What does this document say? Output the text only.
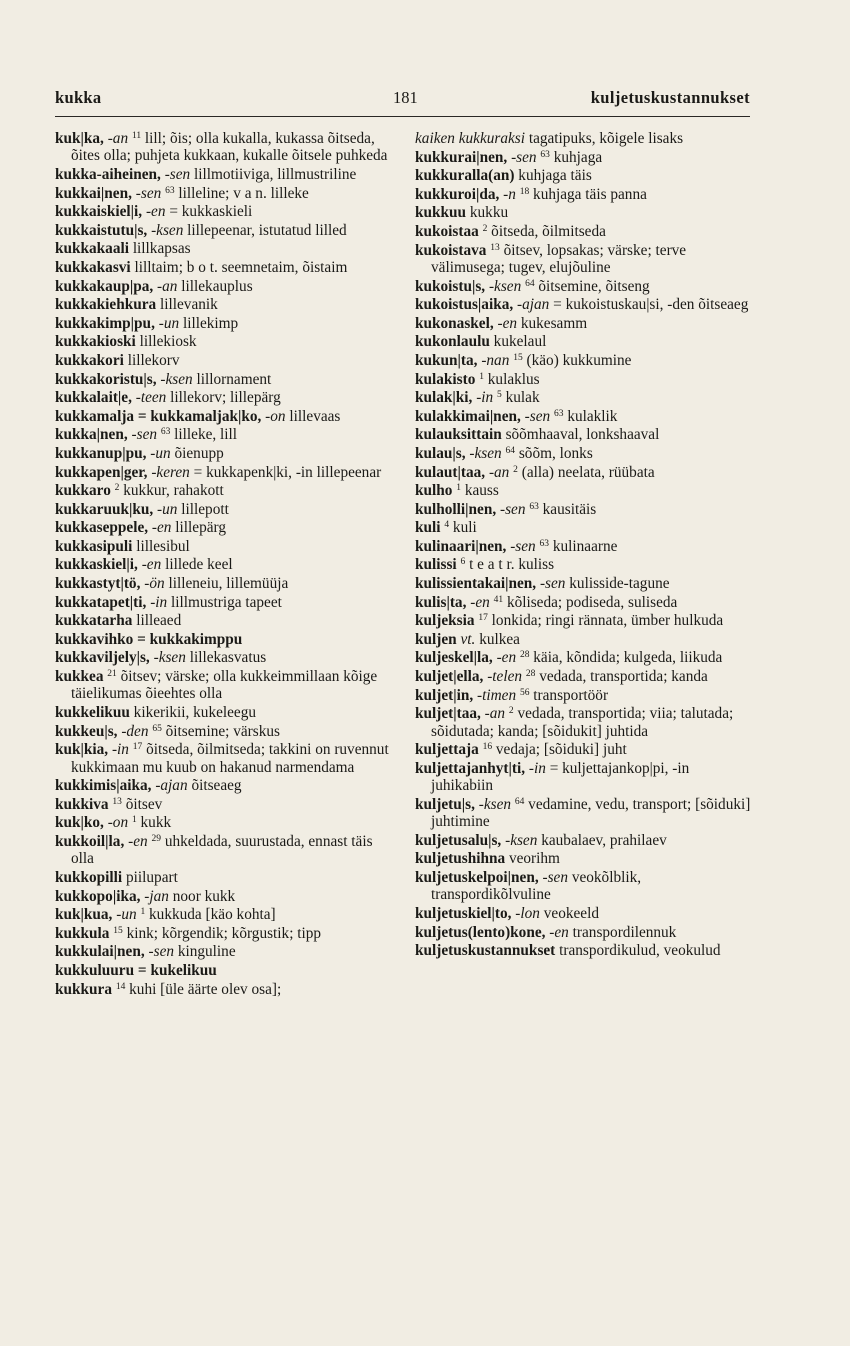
kukka	181	kuljetuskustannukset

kuk|ka, -an $^{11}$ lill; õis; olla kukalla, kukassa õitseda, õites olla; puhjeta kukkaan, kukalle õitsele puhkeda

kukka-aiheinen, -sen lillmotiiviga, lillmustriline

kukkai|nen, -sen $^{63}$ lilleline; v a n. lilleke

kukkaiskiel|i, -en = kukkaskieli

kukkaistutu|s, -ksen lillepeenar, istutatud lilled

kukkakaali lillkapsas

kukkakasvi lilltaim; b o t. seemnetaim, õistaim

kukkakaup|pa, -an lillekauplus

kukkakiehkura lillevanik

kukkakimp|pu, -un lillekimp

kukkakioski lillekiosk

kukkakori lillekorv

kukkakoristu|s, -ksen lillornament

kukkalait|e, -teen lillekorv; lillepärg

kukkamalja = kukkamaljak|ko, -on lillevaas

kukka|nen, -sen $^{63}$ lilleke, lill

kukkanup|pu, -un õienupp

kukkapen|ger, -keren = kukkapenk|ki, -in lillepeenar

kukkaro $^2$ kukkur, rahakott

kukkaruuk|ku, -un lillepott

kukkaseppele, -en lillepärg

kukkasipuli lillesibul

kukkaskiel|i, -en lillede keel

kukkastyt|tö, -ön lilleneiu, lillemüüja

kukkatapet|ti, -in lillmustriga tapeet

kukkatarha lilleaed

kukkavihko = kukkakimppu

kukkaviljely|s, -ksen lillekasvatus

kukkea $^{21}$ õitsev; värske; olla kukkeimmillaan kõige täielikumas õieehtes olla

kukkelikuu kikerikii, kukeleegu

kukkeu|s, -den $^{65}$ õitsemine; värskus

kuk|kia, -in $^{17}$ õitseda, õilmitseda; takkini on ruvennut kukkimaan mu kuub on hakanud narmendama

kukkimis|aika, -ajan õitseaeg

kukkiva $^{13}$ õitsev

kuk|ko, -on $^1$ kukk

kukkoil|la, -en $^{29}$ uhkeldada, suurustada, ennast täis olla

kukkopilli piilupart

kukkopo|ika, -jan noor kukk

kuk|kua, -un $^1$ kukkuda [käo kohta]

kukkula $^{15}$ kink; kõrgendik; kõrgustik; tipp

kukkulai|nen, -sen kinguline

kukkuluuru = kukelikuu

kukkura $^{14}$ kuhi [üle äärte olev osa];

kaiken kukkuraksi tagatipuks, kõigele lisaks

kukkurai|nen, -sen $^{63}$ kuhjaga

kukkuralla(an) kuhjaga täis

kukkuroi|da, -n $^{18}$ kuhjaga täis panna

kukkuu kukku

kukoistaa $^2$ õitseda, õilmitseda

kukoistava $^{13}$ õitsev, lopsakas; värske; terve välimusega; tugev, elujõuline

kukoistu|s, -ksen $^{64}$ õitsemine, õitseng

kukoistus|aika, -ajan = kukoistuskau|si, -den õitseaeg

kukonaskel, -en kukesamm

kukonlaulu kukelaul

kukun|ta, -nan $^{15}$ (käo) kukkumine

kulakisto $^1$ kulaklus

kulak|ki, -in $^5$ kulak

kulakkimai|nen, -sen $^{63}$ kulaklik

kulauksittain sõõmhaaval, lonkshaaval

kulau|s, -ksen $^{64}$ sõõm, lonks

kulaut|taa, -an $^2$ (alla) neelata, rüübata

kulho $^1$ kauss

kulholli|nen, -sen $^{63}$ kausitäis

kuli $^4$ kuli

kulinaari|nen, -sen $^{63}$ kulinaarne

kulissi $^6$ t e a t r. kuliss

kulissientakai|nen, -sen kulisside-tagune

kulis|ta, -en $^{41}$ kõliseda; podiseda, suliseda

kuljeksia $^{17}$ lonkida; ringi rännata, ümber hulkuda

kuljen vt. kulkea

kuljeskel|la, -en $^{28}$ käia, kõndida; kulgeda, liikuda

kuljet|ella, -telen $^{28}$ vedada, transportida; kanda

kuljet|in, -timen $^{56}$ transportöör

kuljet|taa, -an $^2$ vedada, transportida; viia; talutada; sõidutada; kanda; [sõidukit] juhtida

kuljettaja $^{16}$ vedaja; [sõiduki] juht

kuljettajanhyt|ti, -in = kuljettajankop|pi, -in juhikabiin

kuljetu|s, -ksen $^{64}$ vedamine, vedu, transport; [sõiduki] juhtimine

kuljetusalu|s, -ksen kaubalaev, prahilaev

kuljetushihna veorihm

kuljetuskelpoi|nen, -sen veokõlblik, transpordikõlvuline

kuljetuskiel|to, -lon veokeeld

kuljetus(lento)kone, -en transpordilennuk

kuljetuskustannukset transpordikulud, veokulud
